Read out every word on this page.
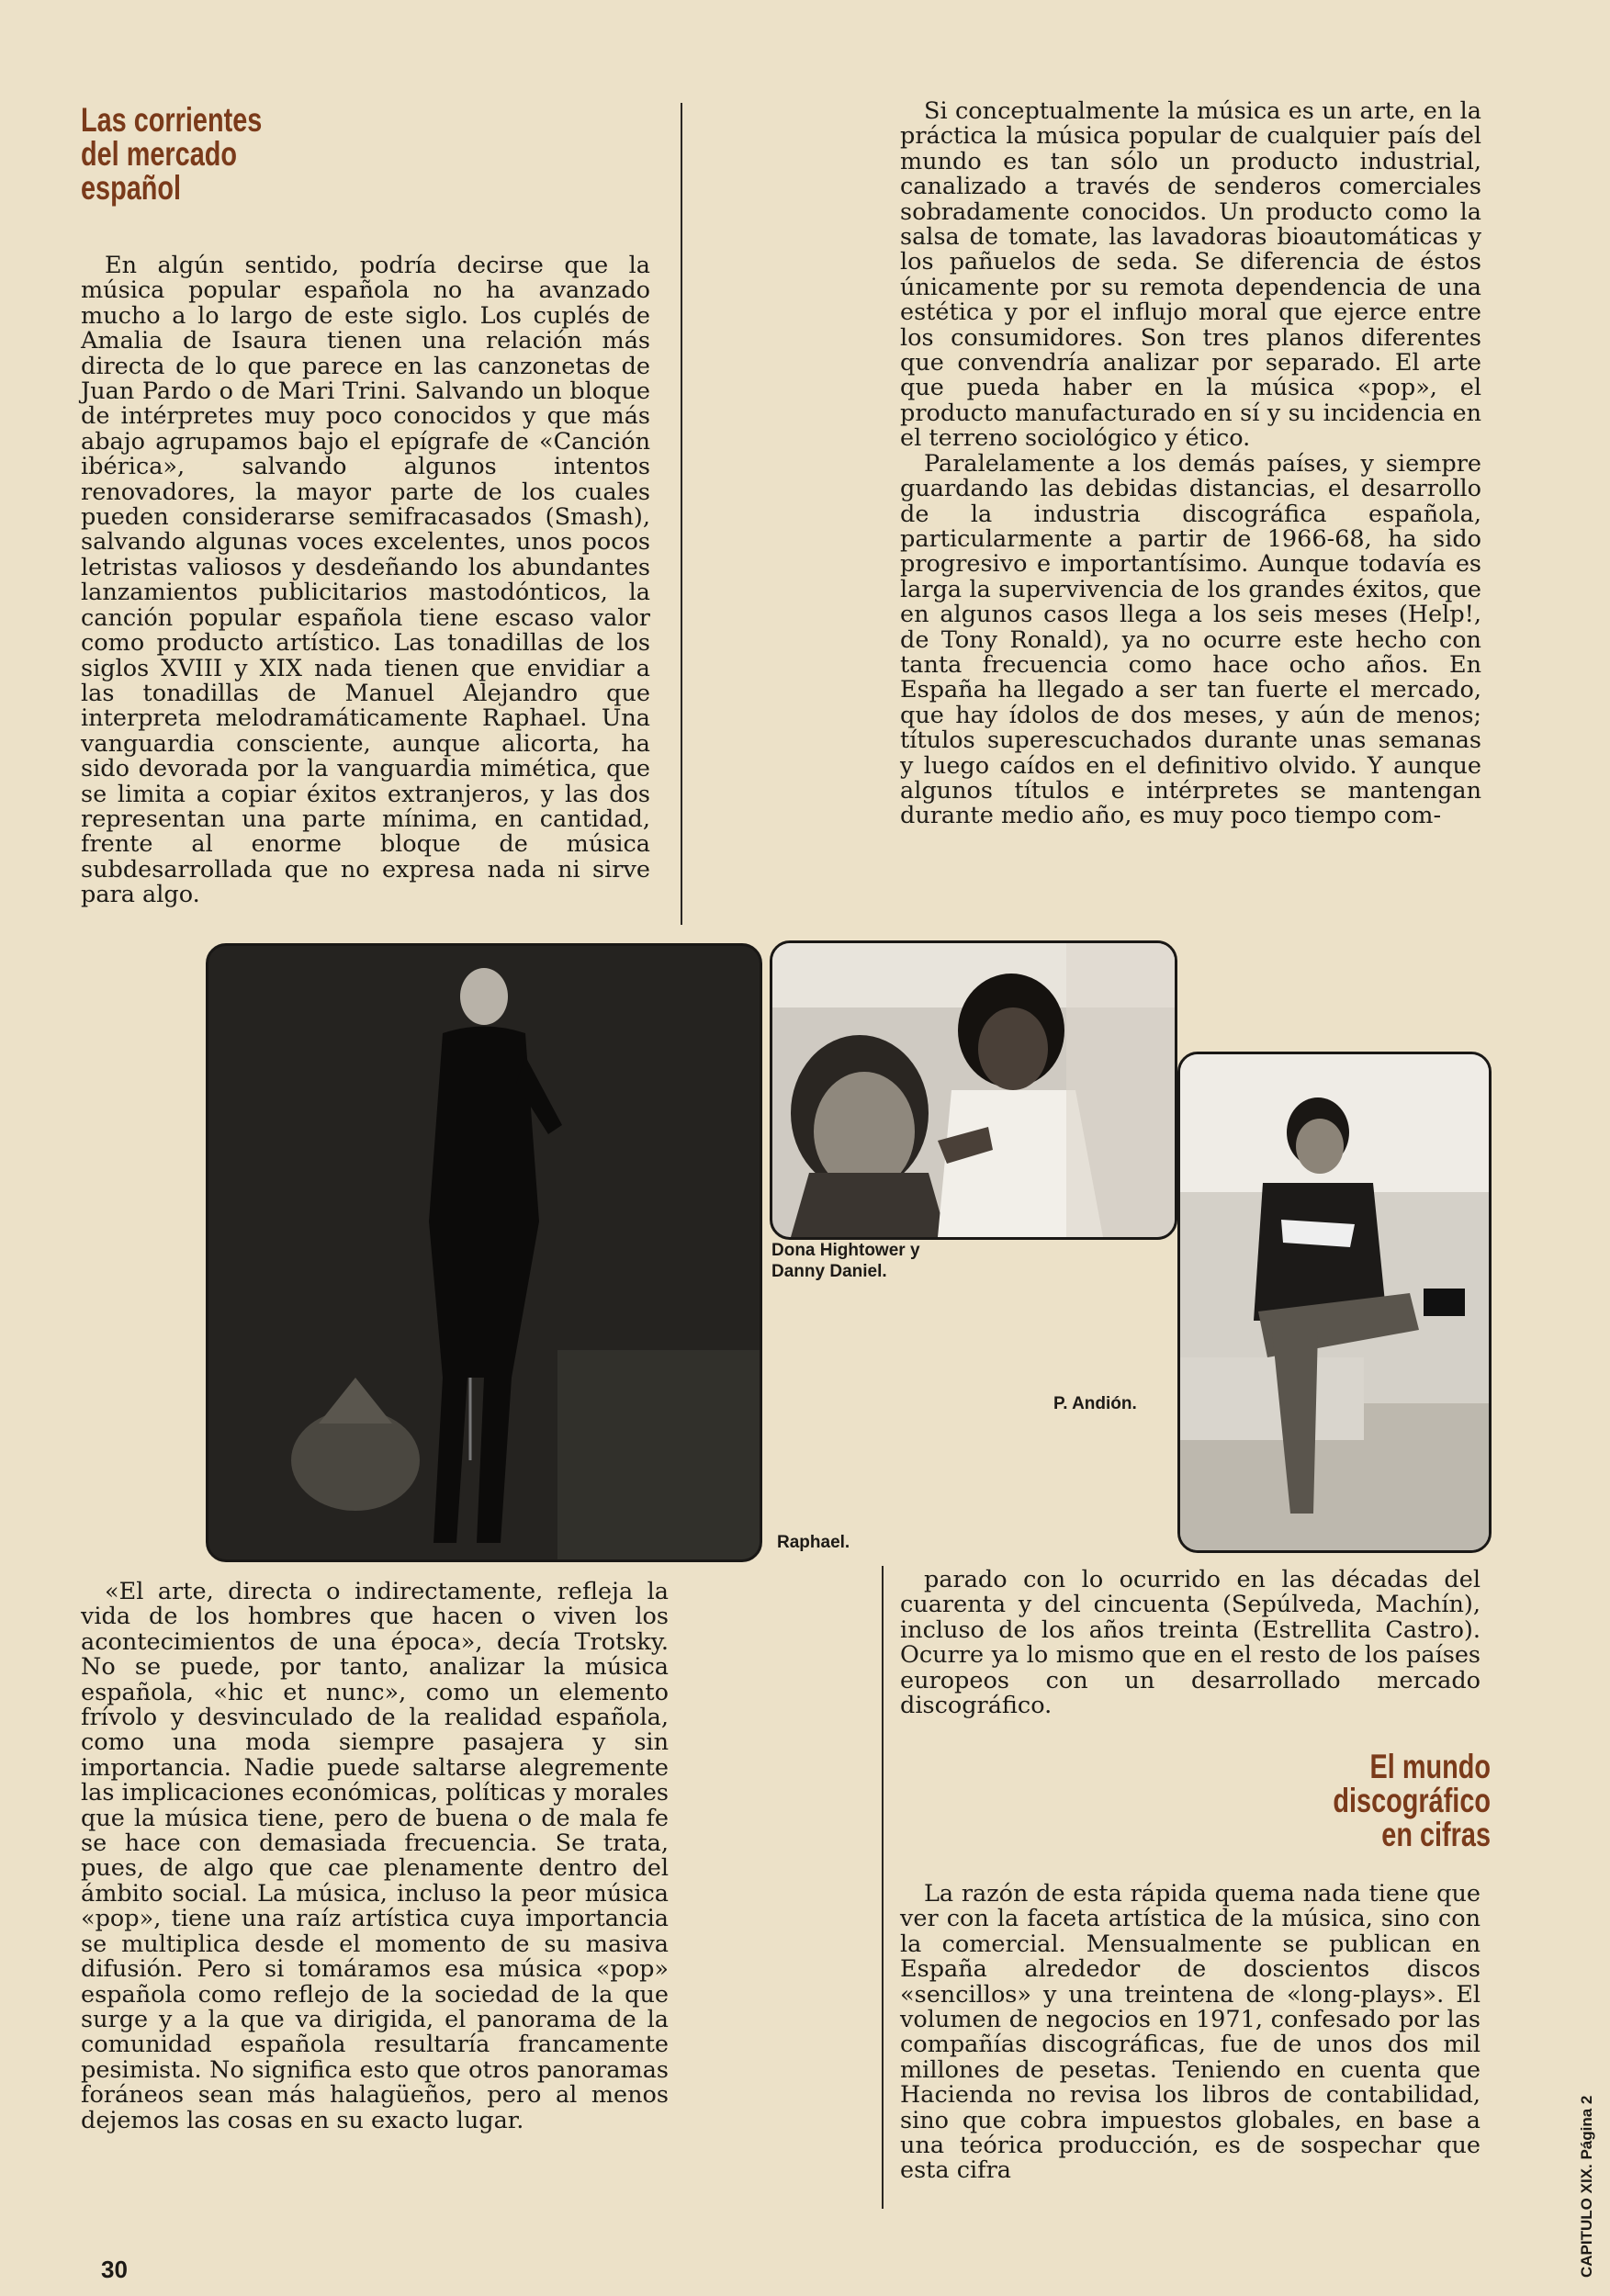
Las corrientes
del mercado
español

En algún sentido, podría decirse que la música popular española no ha avanzado mucho a lo largo de este siglo. Los cuplés de Amalia de Isaura tienen una relación más directa de lo que parece en las canzonetas de Juan Pardo o de Mari Trini. Salvando un bloque de intérpretes muy poco conocidos y que más abajo agrupamos bajo el epígrafe de «Canción ibérica», salvando algunos intentos renovadores, la mayor parte de los cuales pueden considerarse semifracasados (Smash), salvando algunas voces excelentes, unos pocos letristas valiosos y desdeñando los abundantes lanzamientos publicitarios mastodónticos, la canción popular española tiene escaso valor como producto artístico. Las tonadillas de los siglos XVIII y XIX nada tienen que envidiar a las tonadillas de Manuel Alejandro que interpreta melodramáticamente Raphael. Una vanguardia consciente, aunque alicorta, ha sido devorada por la vanguardia mimética, que se limita a copiar éxitos extranjeros, y las dos representan una parte mínima, en cantidad, frente al enorme bloque de música subdesarrollada que no expresa nada ni sirve para algo.

Si conceptualmente la música es un arte, en la práctica la música popular de cualquier país del mundo es tan sólo un producto industrial, canalizado a través de senderos comerciales sobradamente conocidos. Un producto como la salsa de tomate, las lavadoras bioautomáticas y los pañuelos de seda. Se diferencia de éstos únicamente por su remota dependencia de una estética y por el influjo moral que ejerce entre los consumidores. Son tres planos diferentes que convendría analizar por separado. El arte que pueda haber en la música «pop», el producto manufacturado en sí y su incidencia en el terreno sociológico y ético.

Paralelamente a los demás países, y siempre guardando las debidas distancias, el desarrollo de la industria discográfica española, particularmente a partir de 1966-68, ha sido progresivo e importantísimo. Aunque todavía es larga la supervivencia de los grandes éxitos, que en algunos casos llega a los seis meses (Help!, de Tony Ronald), ya no ocurre este hecho con tanta frecuencia como hace ocho años. En España ha llegado a ser tan fuerte el mercado, que hay ídolos de dos meses, y aún de menos; títulos superescuchados durante unas semanas y luego caídos en el definitivo olvido. Y aunque algunos títulos e intérpretes se mantengan durante medio año, es muy poco tiempo com-

Raphael.

Dona Hightower y
Danny Daniel.

P. Andión.

«El arte, directa o indirectamente, refleja la vida de los hombres que hacen o viven los acontecimientos de una época», decía Trotsky. No se puede, por tanto, analizar la música española, «hic et nunc», como un elemento frívolo y desvinculado de la realidad española, como una moda siempre pasajera y sin importancia. Nadie puede saltarse alegremente las implicaciones económicas, políticas y morales que la música tiene, pero de buena o de mala fe se hace con demasiada frecuencia. Se trata, pues, de algo que cae plenamente dentro del ámbito social. La música, incluso la peor música «pop», tiene una raíz artística cuya importancia se multiplica desde el momento de su masiva difusión. Pero si tomáramos esa música «pop» española como reflejo de la sociedad de la que surge y a la que va dirigida, el panorama de la comunidad española resultaría francamente pesimista. No significa esto que otros panoramas foráneos sean más halagüeños, pero al menos dejemos las cosas en su exacto lugar.

parado con lo ocurrido en las décadas del cuarenta y del cincuenta (Sepúlveda, Machín), incluso de los años treinta (Estrellita Castro). Ocurre ya lo mismo que en el resto de los países europeos con un desarrollado mercado discográfico.

El mundo
discográfico
en cifras

La razón de esta rápida quema nada tiene que ver con la faceta artística de la música, sino con la comercial. Mensualmente se publican en España alrededor de doscientos discos «sencillos» y una treintena de «long-plays». El volumen de negocios en 1971, confesado por las compañías discográficas, fue de unos dos mil millones de pesetas. Teniendo en cuenta que Hacienda no revisa los libros de contabilidad, sino que cobra impuestos globales, en base a una teórica producción, es de sospechar que esta cifra

30	CAPITULO XIX. Página 2
